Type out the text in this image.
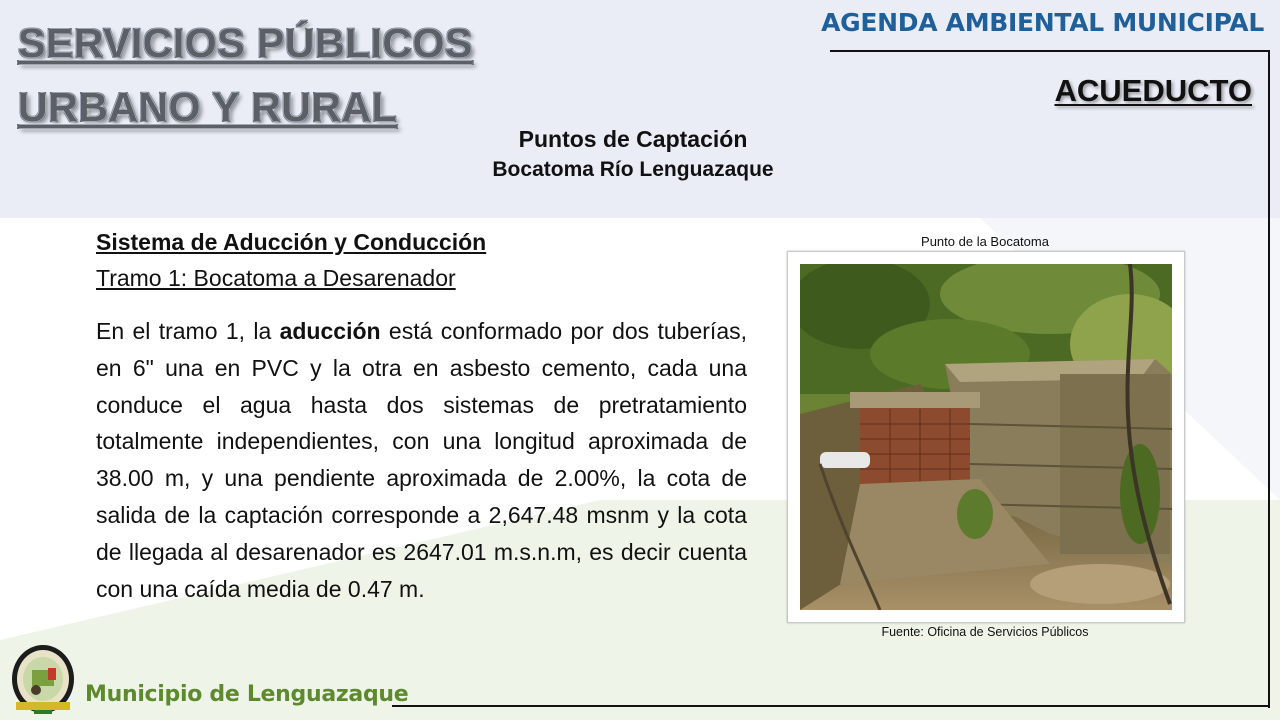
SERVICIOS PÚBLICOS
URBANO Y RURAL
AGENDA AMBIENTAL MUNICIPAL
ACUEDUCTO
Puntos de Captación
Bocatoma Río Lenguazaque
Sistema de Aducción y Conducción
Tramo 1: Bocatoma a Desarenador

En el tramo 1, la aducción está conformado por dos tuberías, en 6" una en PVC y la otra en asbesto cemento, cada una conduce el agua hasta dos sistemas de pretratamiento totalmente independientes, con una longitud aproximada de 38.00 m, y una pendiente aproximada de 2.00%, la cota de salida de la captación corresponde a 2,647.48 msnm y la cota de llegada al desarenador es 2647.01 m.s.n.m, es decir cuenta con una caída media de 0.47 m.

Punto de la Bocatoma
Fuente: Oficina de Servicios Públicos
Municipio de Lenguazaque
